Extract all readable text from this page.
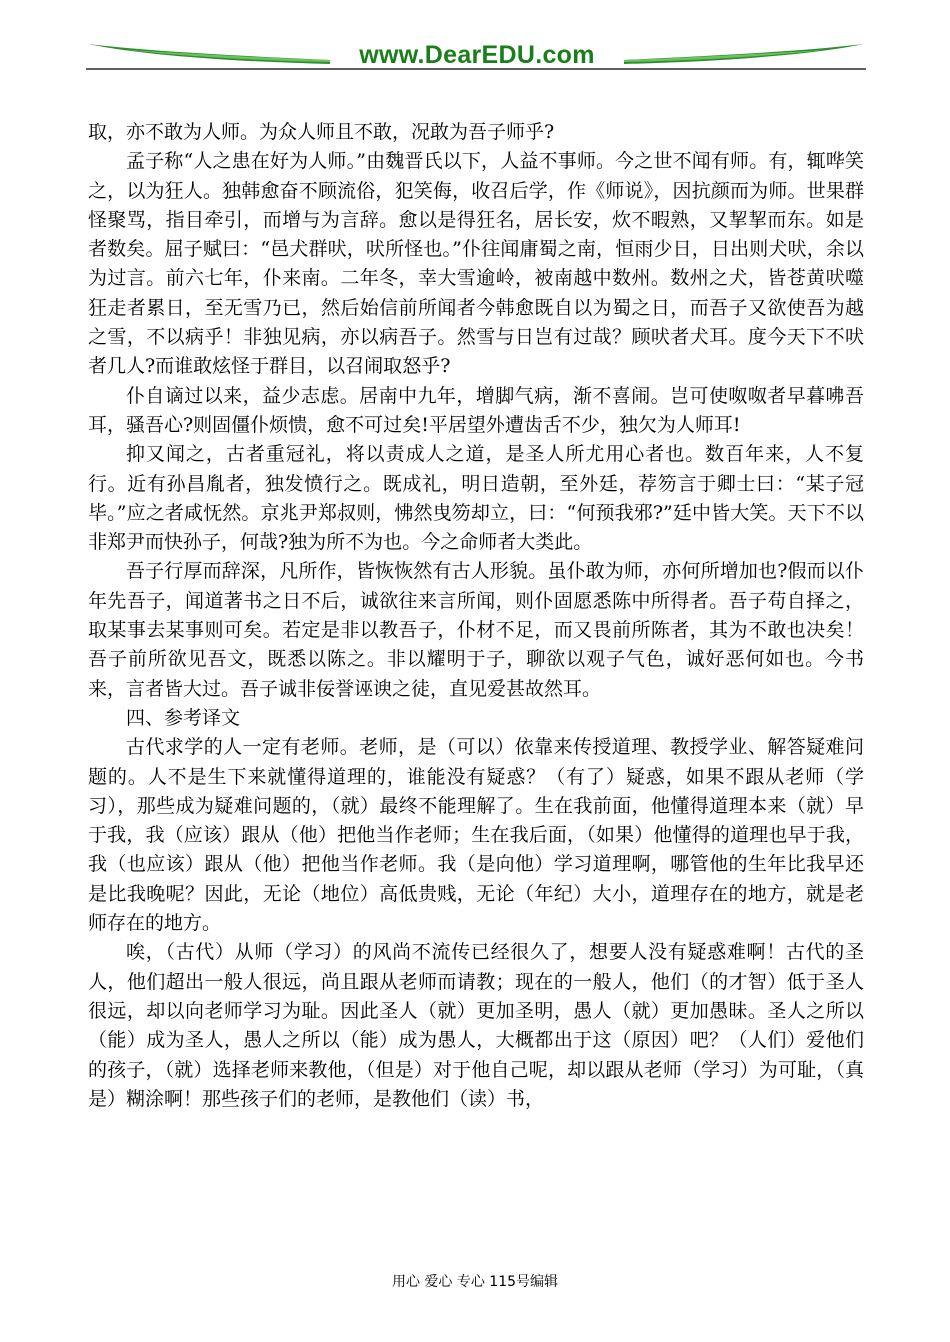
www.DearEDU.com

取，亦不敢为人师。为众人师且不敢，况敢为吾子师乎?

孟子称“人之患在好为人师。”由魏晋氏以下，人益不事师。今之世不闻有师。有，辄哗笑之，以为狂人。独韩愈奋不顾流俗，犯笑侮，收召后学，作《师说》，因抗颜而为师。世果群怪聚骂，指目牵引，而增与为言辞。愈以是得狂名，居长安，炊不暇熟，又挈挈而东。如是者数矣。屈子赋曰：“邑犬群吠，吠所怪也。”仆往闻庸蜀之南，恒雨少日，日出则犬吠，余以为过言。前六七年，仆来南。二年冬，幸大雪逾岭，被南越中数州。数州之犬，皆苍黄吠噬狂走者累日，至无雪乃已，然后始信前所闻者今韩愈既自以为蜀之日，而吾子又欲使吾为越之雪，不以病乎！非独见病，亦以病吾子。然雪与日岂有过哉？顾吠者犬耳。度今天下不吠者几人?而谁敢炫怪于群目，以召闹取怒乎?

仆自谪过以来，益少志虑。居南中九年，增脚气病，渐不喜闹。岂可使呶呶者早暮咈吾耳，骚吾心?则固僵仆烦愦，愈不可过矣!平居望外遭齿舌不少，独欠为人师耳!

抑又闻之，古者重冠礼，将以责成人之道，是圣人所尤用心者也。数百年来，人不复行。近有孙昌胤者，独发愤行之。既成礼，明日造朝，至外廷，荐笏言于卿士曰：“某子冠毕。”应之者咸怃然。京兆尹郑叔则，怫然曳笏却立，曰：“何预我邪?”廷中皆大笑。天下不以非郑尹而快孙子，何哉?独为所不为也。今之命师者大类此。

吾子行厚而辞深，凡所作，皆恢恢然有古人形貌。虽仆敢为师，亦何所增加也?假而以仆年先吾子，闻道著书之日不后，诚欲往来言所闻，则仆固愿悉陈中所得者。吾子苟自择之，取某事去某事则可矣。若定是非以教吾子，仆材不足，而又畏前所陈者，其为不敢也决矣！吾子前所欲见吾文，既悉以陈之。非以耀明于子，聊欲以观子气色，诚好恶何如也。今书来，言者皆大过。吾子诚非佞誉诬谀之徒，直见爱甚故然耳。

四、参考译文

古代求学的人一定有老师。老师，是（可以）依靠来传授道理、教授学业、解答疑难问题的。人不是生下来就懂得道理的，谁能没有疑惑？（有了）疑惑，如果不跟从老师（学习），那些成为疑难问题的，（就）最终不能理解了。生在我前面，他懂得道理本来（就）早于我，我（应该）跟从（他）把他当作老师；生在我后面，（如果）他懂得的道理也早于我，我（也应该）跟从（他）把他当作老师。我（是向他）学习道理啊，哪管他的生年比我早还是比我晚呢？因此，无论（地位）高低贵贱，无论（年纪）大小，道理存在的地方，就是老师存在的地方。

唉，（古代）从师（学习）的风尚不流传已经很久了，想要人没有疑惑难啊！古代的圣人，他们超出一般人很远，尚且跟从老师而请教；现在的一般人，他们（的才智）低于圣人很远，却以向老师学习为耻。因此圣人（就）更加圣明，愚人（就）更加愚昧。圣人之所以（能）成为圣人，愚人之所以（能）成为愚人，大概都出于这（原因）吧？（人们）爱他们的孩子，（就）选择老师来教他，（但是）对于他自己呢，却以跟从老师（学习）为可耻，（真是）糊涂啊！那些孩子们的老师，是教他们（读）书，

用心 爱心 专心 115号编辑
